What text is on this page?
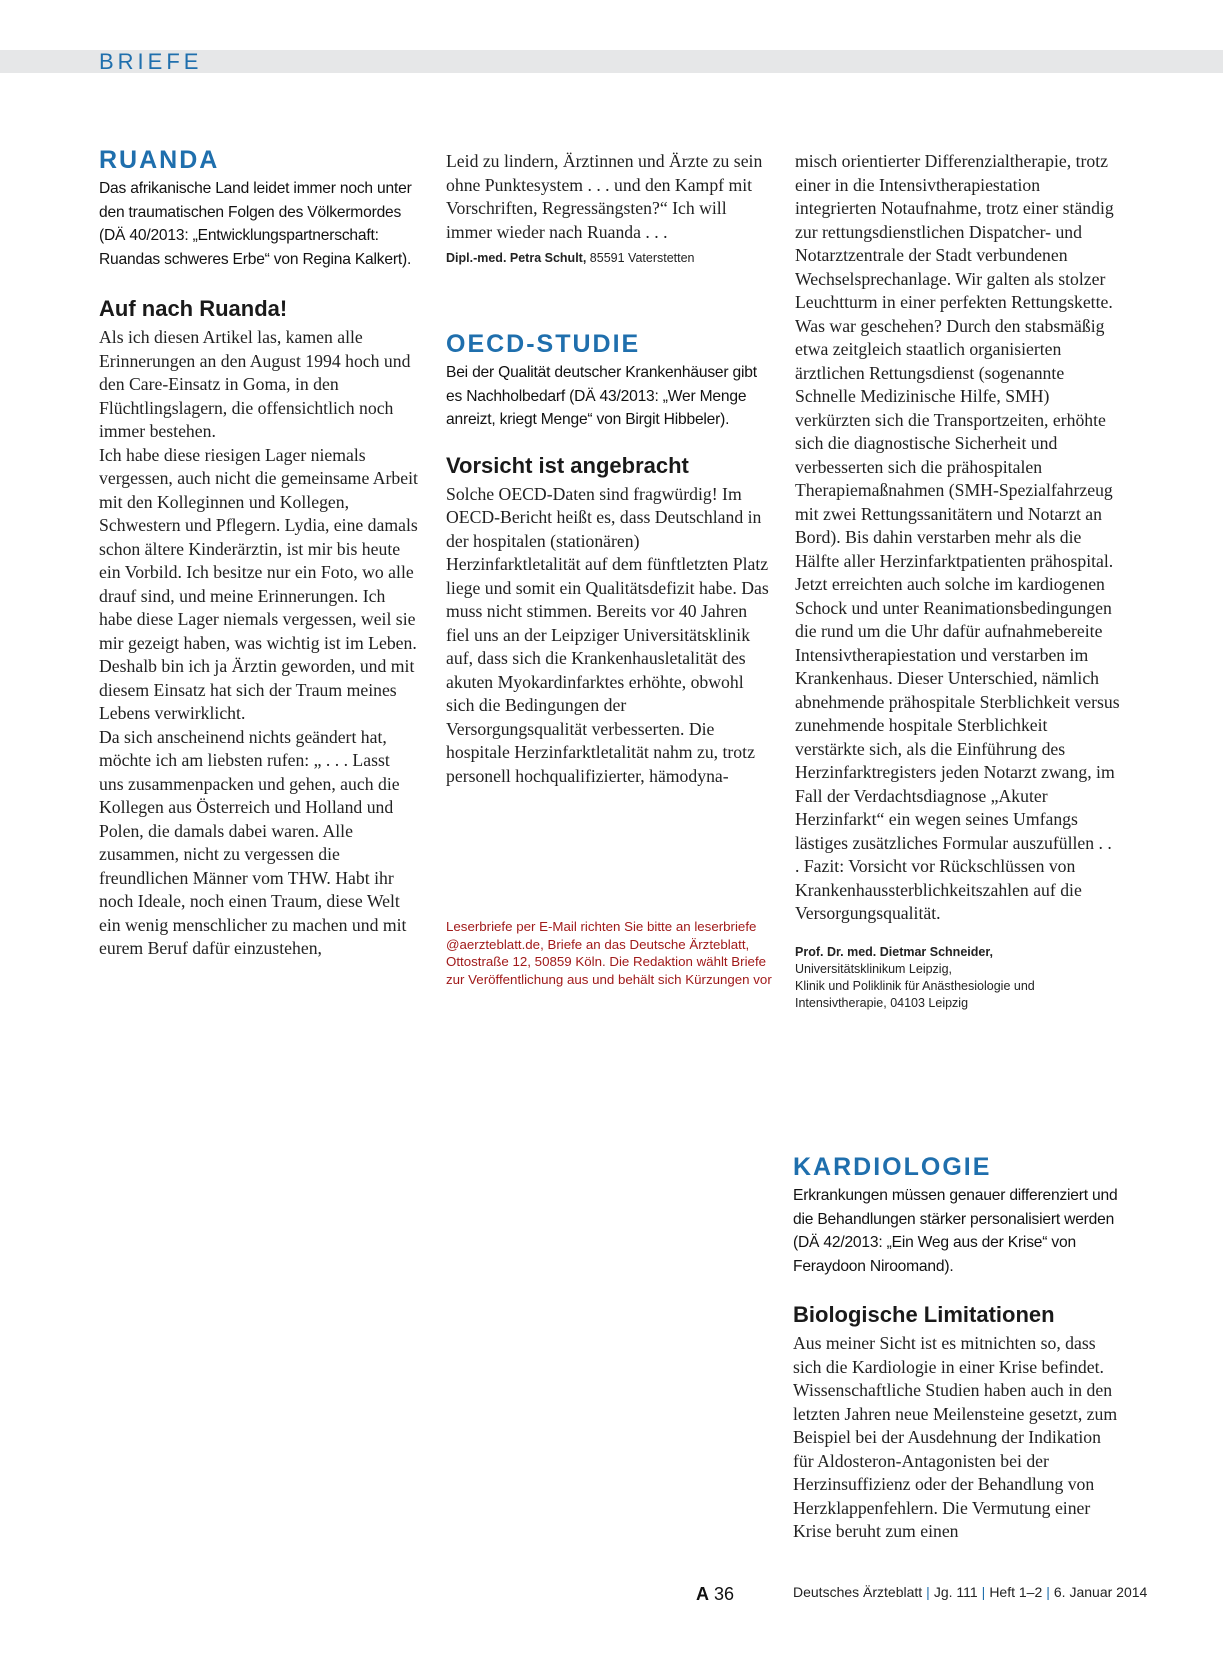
BRIEFE
RUANDA

Das afrikanische Land leidet immer noch unter den traumatischen Folgen des Völkermordes (DÄ 40/2013: „Entwicklungspartnerschaft: Ruandas schweres Erbe“ von Regina Kalkert).

Auf nach Ruanda!

Als ich diesen Artikel las, kamen alle Erinnerungen an den August 1994 hoch und den Care-Einsatz in Goma, in den Flüchtlingslagern, die offensichtlich noch immer bestehen.

Ich habe diese riesigen Lager niemals vergessen, auch nicht die gemeinsame Arbeit mit den Kolleginnen und Kollegen, Schwestern und Pflegern. Lydia, eine damals schon ältere Kinderärztin, ist mir bis heute ein Vorbild. Ich besitze nur ein Foto, wo alle drauf sind, und meine Erinnerungen. Ich habe diese Lager niemals vergessen, weil sie mir gezeigt haben, was wichtig ist im Leben. Deshalb bin ich ja Ärztin geworden, und mit diesem Einsatz hat sich der Traum meines Lebens verwirklicht.

Da sich anscheinend nichts geändert hat, möchte ich am liebsten rufen: „ . . . Lasst uns zusammenpacken und gehen, auch die Kollegen aus Österreich und Holland und Polen, die damals dabei waren. Alle zusammen, nicht zu vergessen die freundlichen Männer vom THW. Habt ihr noch Ideale, noch einen Traum, diese Welt ein wenig menschlicher zu machen und mit eurem Beruf dafür einzustehen,

Leid zu lindern, Ärztinnen und Ärzte zu sein ohne Punktesystem . . . und den Kampf mit Vorschriften, Regressängsten?“ Ich will immer wieder nach Ruanda . . .

Dipl.-med. Petra Schult, 85591 Vaterstetten

OECD-STUDIE

Bei der Qualität deutscher Krankenhäuser gibt es Nachholbedarf (DÄ 43/2013: „Wer Menge anreizt, kriegt Menge“ von Birgit Hibbeler).

Vorsicht ist angebracht

Solche OECD-Daten sind fragwürdig! Im OECD-Bericht heißt es, dass Deutschland in der hospitalen (stationären) Herzinfarktletalität auf dem fünftletzten Platz liege und somit ein Qualitätsdefizit habe. Das muss nicht stimmen. Bereits vor 40 Jahren fiel uns an der Leipziger Universitätsklinik auf, dass sich die Krankenhausletalität des akuten Myokardinfarktes erhöhte, obwohl sich die Bedingungen der Versorgungsqualität verbesserten. Die hospitale Herzinfarktletalität nahm zu, trotz personell hochqualifizierter, hämodyna-

Leserbriefe per E-Mail richten Sie bitte an leserbriefe @aerzteblatt.de, Briefe an das Deutsche Ärzteblatt, Ottostraße 12, 50859 Köln. Die Redaktion wählt Briefe zur Veröffentlichung aus und behält sich Kürzungen vor

misch orientierter Differenzialtherapie, trotz einer in die Intensivtherapiestation integrierten Notaufnahme, trotz einer ständig zur rettungsdienstlichen Dispatcher- und Notarztzentrale der Stadt verbundenen Wechselsprechanlage. Wir galten als stolzer Leuchtturm in einer perfekten Rettungskette. Was war geschehen? Durch den stabsmäßig etwa zeitgleich staatlich organisierten ärztlichen Rettungsdienst (sogenannte Schnelle Medizinische Hilfe, SMH) verkürzten sich die Transportzeiten, erhöhte sich die diagnostische Sicherheit und verbesserten sich die prähospitalen Therapiemaßnahmen (SMH-Spezialfahrzeug mit zwei Rettungssanitätern und Notarzt an Bord). Bis dahin verstarben mehr als die Hälfte aller Herzinfarktpatienten prähospital. Jetzt erreichten auch solche im kardiogenen Schock und unter Reanimationsbedingungen die rund um die Uhr dafür aufnahmebereite Intensivtherapiestation und verstarben im Krankenhaus. Dieser Unterschied, nämlich abnehmende prähospitale Sterblichkeit versus zunehmende hospitale Sterblichkeit verstärkte sich, als die Einführung des Herzinfarktregisters jeden Notarzt zwang, im Fall der Verdachtsdiagnose „Akuter Herzinfarkt“ ein wegen seines Umfangs lästiges zusätzliches Formular auszufüllen . . . Fazit: Vorsicht vor Rückschlüssen von Krankenhaussterblichkeitszahlen auf die Versorgungsqualität.

Prof. Dr. med. Dietmar Schneider,
Universitätsklinikum Leipzig,
Klinik und Poliklinik für Anästhesiologie und
Intensivtherapie, 04103 Leipzig
KARDIOLOGIE

Erkrankungen müssen genauer differenziert und die Behandlungen stärker personalisiert werden (DÄ 42/2013: „Ein Weg aus der Krise“ von Feraydoon Niroomand).

Biologische Limitationen

Aus meiner Sicht ist es mitnichten so, dass sich die Kardiologie in einer Krise befindet. Wissenschaftliche Studien haben auch in den letzten Jahren neue Meilensteine gesetzt, zum Beispiel bei der Ausdehnung der Indikation für Aldosteron-Antagonisten bei der Herzinsuffizienz oder der Behandlung von Herzklappenfehlern. Die Vermutung einer Krise beruht zum einen

A 36	Deutsches Ärzteblatt | Jg. 111 | Heft 1–2 | 6. Januar 2014
